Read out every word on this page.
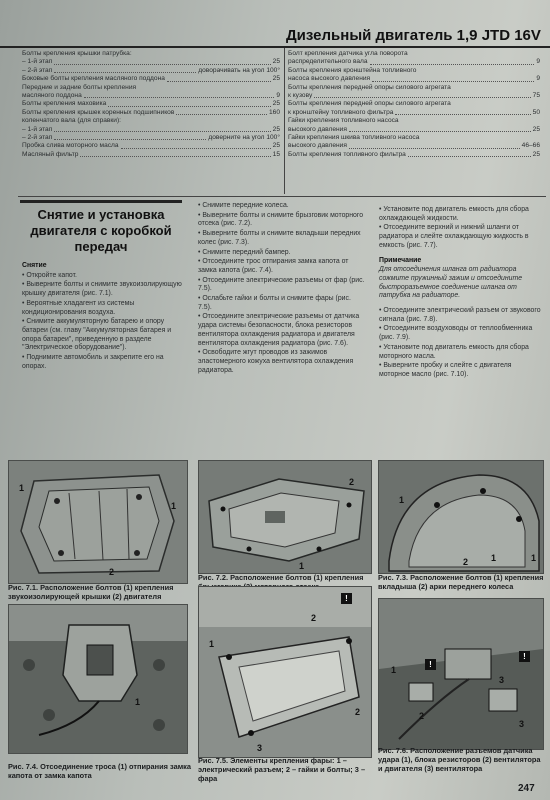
Дизельный двигатель 1,9 JTD 16V
Болты крепления крышки патрубка:
– 1-й этап	25
– 2-й этап	доворачивать на угол 100°
Боковые болты крепления масляного поддона	25
Передние и задние болты крепления
масляного поддона	9
Болты крепления маховика	25
Болты крепления крышек коренных подшипников	160
коленчатого вала (для справки):
– 1-й этап	25
– 2-й этап	доверните на угол 100°
Пробка слива моторного масла	25
Масляный фильтр	15
Болт крепления датчика угла поворота
распределительного вала	9
Болты крепления кронштейна топливного
насоса высокого давления	9
Болты крепления передней опоры силового агрегата
к кузову	75
Болты крепления передней опоры силового агрегата
к кронштейну топливного фильтра	50
Гайки крепления топливного насоса
высокого давления	25
Гайки крепления шкива топливного насоса
высокого давления	46–66
Болты крепления топливного фильтра	25
Снятие и установка двигателя с коробкой передач

Снятие

• Откройте капот.

• Выверните болты и снимите звукоизолирующую крышку двигателя (рис. 7.1).

• Вероятные хладагент из системы кондиционирования воздуха.

• Снимите аккумуляторную батарею и опору батареи (см. главу "Аккумуляторная батарея и опора батареи", приведенную в разделе "Электрическое оборудование").

• Поднимите автомобиль и закрепите его на опорах.

• Снимите передние колеса.

• Выверните болты и снимите брызговик моторного отсека (рис. 7.2).

• Выверните болты и снимите вкладыши передних колес (рис. 7.3).

• Снимите передний бампер.

• Отсоедините трос отпирания замка капота от замка капота (рис. 7.4).

• Отсоедините электрические разъемы от фар (рис. 7.5).

• Ослабьте гайки и болты и снимите фары (рис. 7.5).

• Отсоедините электрические разъемы от датчика удара системы безопасности, блока резисторов вентилятора охлаждения радиатора и двигателя вентилятора охлаждения радиатора (рис. 7.6).

• Освободите жгут проводов из зажимов эластомерного кожуха вентилятора охлаждения радиатора.

• Установите под двигатель емкость для сбора охлаждающей жидкости.

• Отсоедините верхний и нижний шланги от радиатора и слейте охлаждающую жидкость в емкость (рис. 7.7).

Примечание

Для отсоединения шланга от радиатора сожмите пружинный зажим и отсоедините быстроразъемное соединение шланга от патрубка на радиаторе.

• Отсоедините электрический разъем от звукового сигнала (рис. 7.8).

• Отсоедините воздуховоды от теплообменника (рис. 7.9).

• Установите под двигатель емкость для сбора моторного масла.

• Выверните пробку и слейте с двигателя моторное масло (рис. 7.10).

1
2
1
Рис. 7.1. Расположение болтов (1) крепления звукоизолирующей крышки (2) двигателя
2
1
Рис. 7.2. Расположение болтов (1) крепления
1
2	1	1
Рис. 7.3. Расположение болтов (1) крепления вкладыша (2) арки переднего колеса
1
Рис. 7.4. Отсоединение троса (1) отпирания замка капота от замка капота
1
2
3
2
!
Рис. 7.5. Элементы крепления фары: 1 – электрический разъем; 2 – гайки и болты; 3 – фара
1
2
3
3
!
!
Рис. 7.6. Расположение разъемов датчика удара (1), блока резисторов (2) вентилятора и двигателя (3) вентилятора
247
